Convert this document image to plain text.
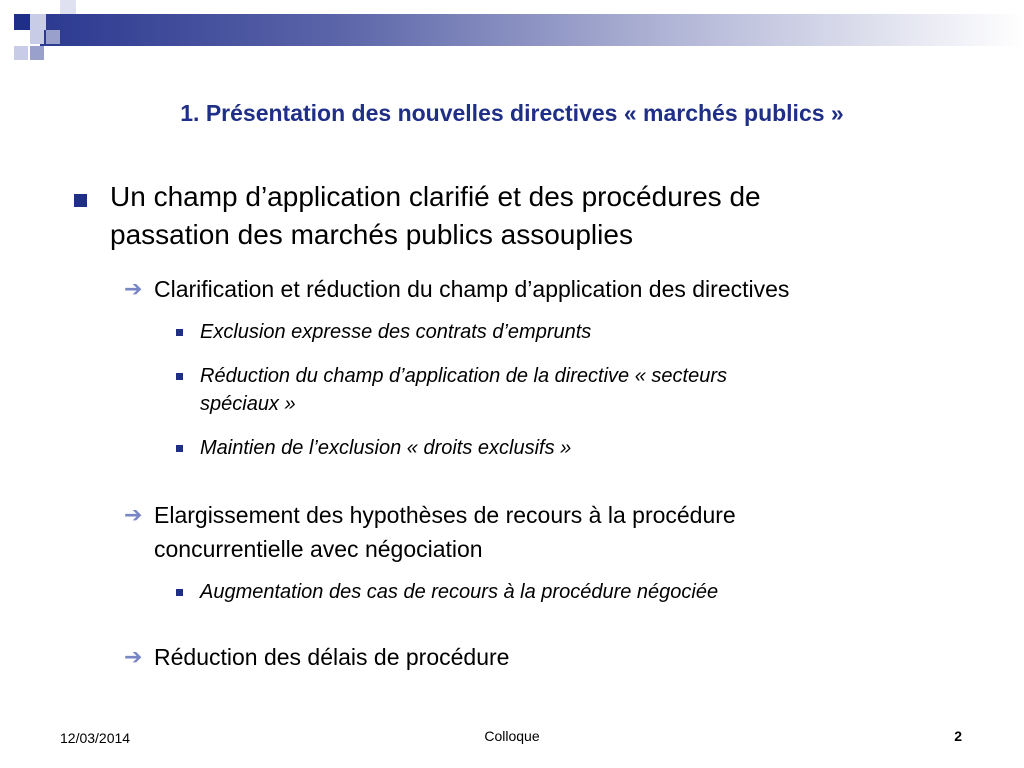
1. Présentation des nouvelles directives « marchés publics »
Un champ d’application clarifié et des procédures de
passation des marchés publics assouplies
➔ Clarification et réduction du champ d’application des directives
Exclusion expresse des contrats d’emprunts
Réduction du champ d’application de la directive « secteurs
spéciaux »
Maintien de l’exclusion « droits exclusifs »
➔ Elargissement des hypothèses de recours à la procédure
concurrentielle avec négociation
Augmentation des cas de recours à la procédure négociée
➔ Réduction des délais de procédure
12/03/2014	Colloque	2
